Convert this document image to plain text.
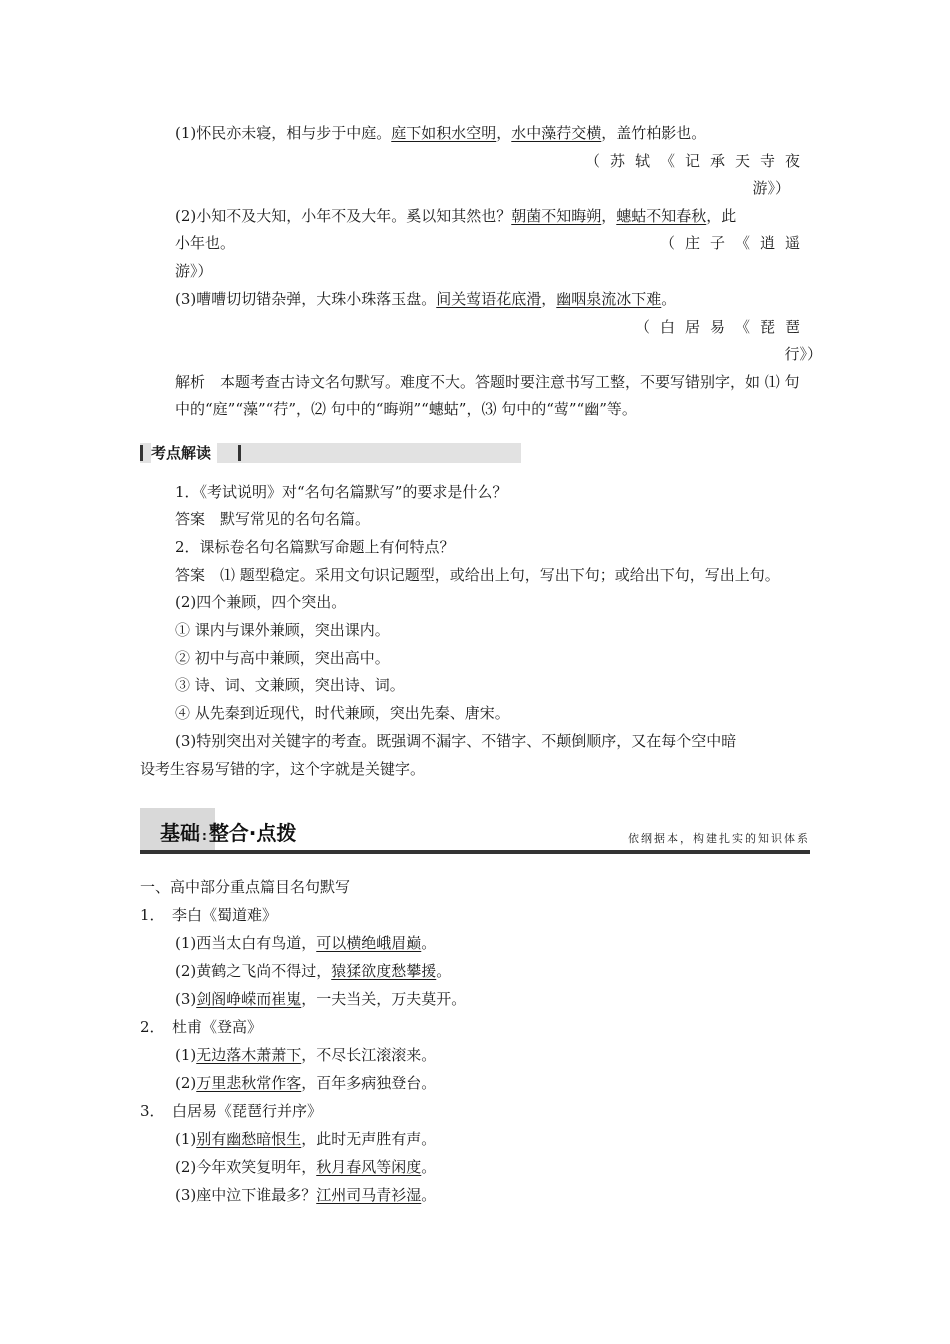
(1)怀民亦未寝，相与步于中庭。庭下如积水空明，水中藻荇交横，盖竹柏影也。
（苏轼《记承天寺夜
游》）
(2)小知不及大知，小年不及大年。奚以知其然也？朝菌不知晦朔，蟪蛄不知春秋，此
小年也。	（庄子《逍遥
游》）
(3)嘈嘈切切错杂弹，大珠小珠落玉盘。间关莺语花底滑，幽咽泉流冰下难。
（白居易《琵琶
行》）
解析　本题考查古诗文名句默写。难度不大。答题时要注意书写工整，不要写错别字，如 ⑴ 句
中的“庭”“藻”“荇”，⑵ 句中的“晦朔”“蟪蛄”，⑶ 句中的“莺”“幽”等。
考点解读
1．《考试说明》对“名句名篇默写”的要求是什么？
答案　默写常见的名句名篇。
2．课标卷名句名篇默写命题上有何特点？
答案　⑴ 题型稳定。采用文句识记题型，或给出上句，写出下句；或给出下句，写出上句。
(2)四个兼顾，四个突出。
① 课内与课外兼顾，突出课内。
② 初中与高中兼顾，突出高中。
③ 诗、词、文兼顾，突出诗、词。
④ 从先秦到近现代，时代兼顾，突出先秦、唐宋。
(3)特别突出对关键字的考查。既强调不漏字、不错字、不颠倒顺序，又在每个空中暗
设考生容易写错的字，这个字就是关键字。
基础 : 整合·点拨	依纲据本，构建扎实的知识体系
一、高中部分重点篇目名句默写
1．　李白《蜀道难》
(1)西当太白有鸟道，可以横绝峨眉巅。
(2)黄鹤之飞尚不得过，猿猱欲度愁攀援。
(3)剑阁峥嵘而崔嵬，一夫当关，万夫莫开。
2．　杜甫《登高》
(1)无边落木萧萧下，不尽长江滚滚来。
(2)万里悲秋常作客，百年多病独登台。
3．　白居易《琵琶行并序》
(1)别有幽愁暗恨生，此时无声胜有声。
(2)今年欢笑复明年，秋月春风等闲度。
(3)座中泣下谁最多？江州司马青衫湿。
